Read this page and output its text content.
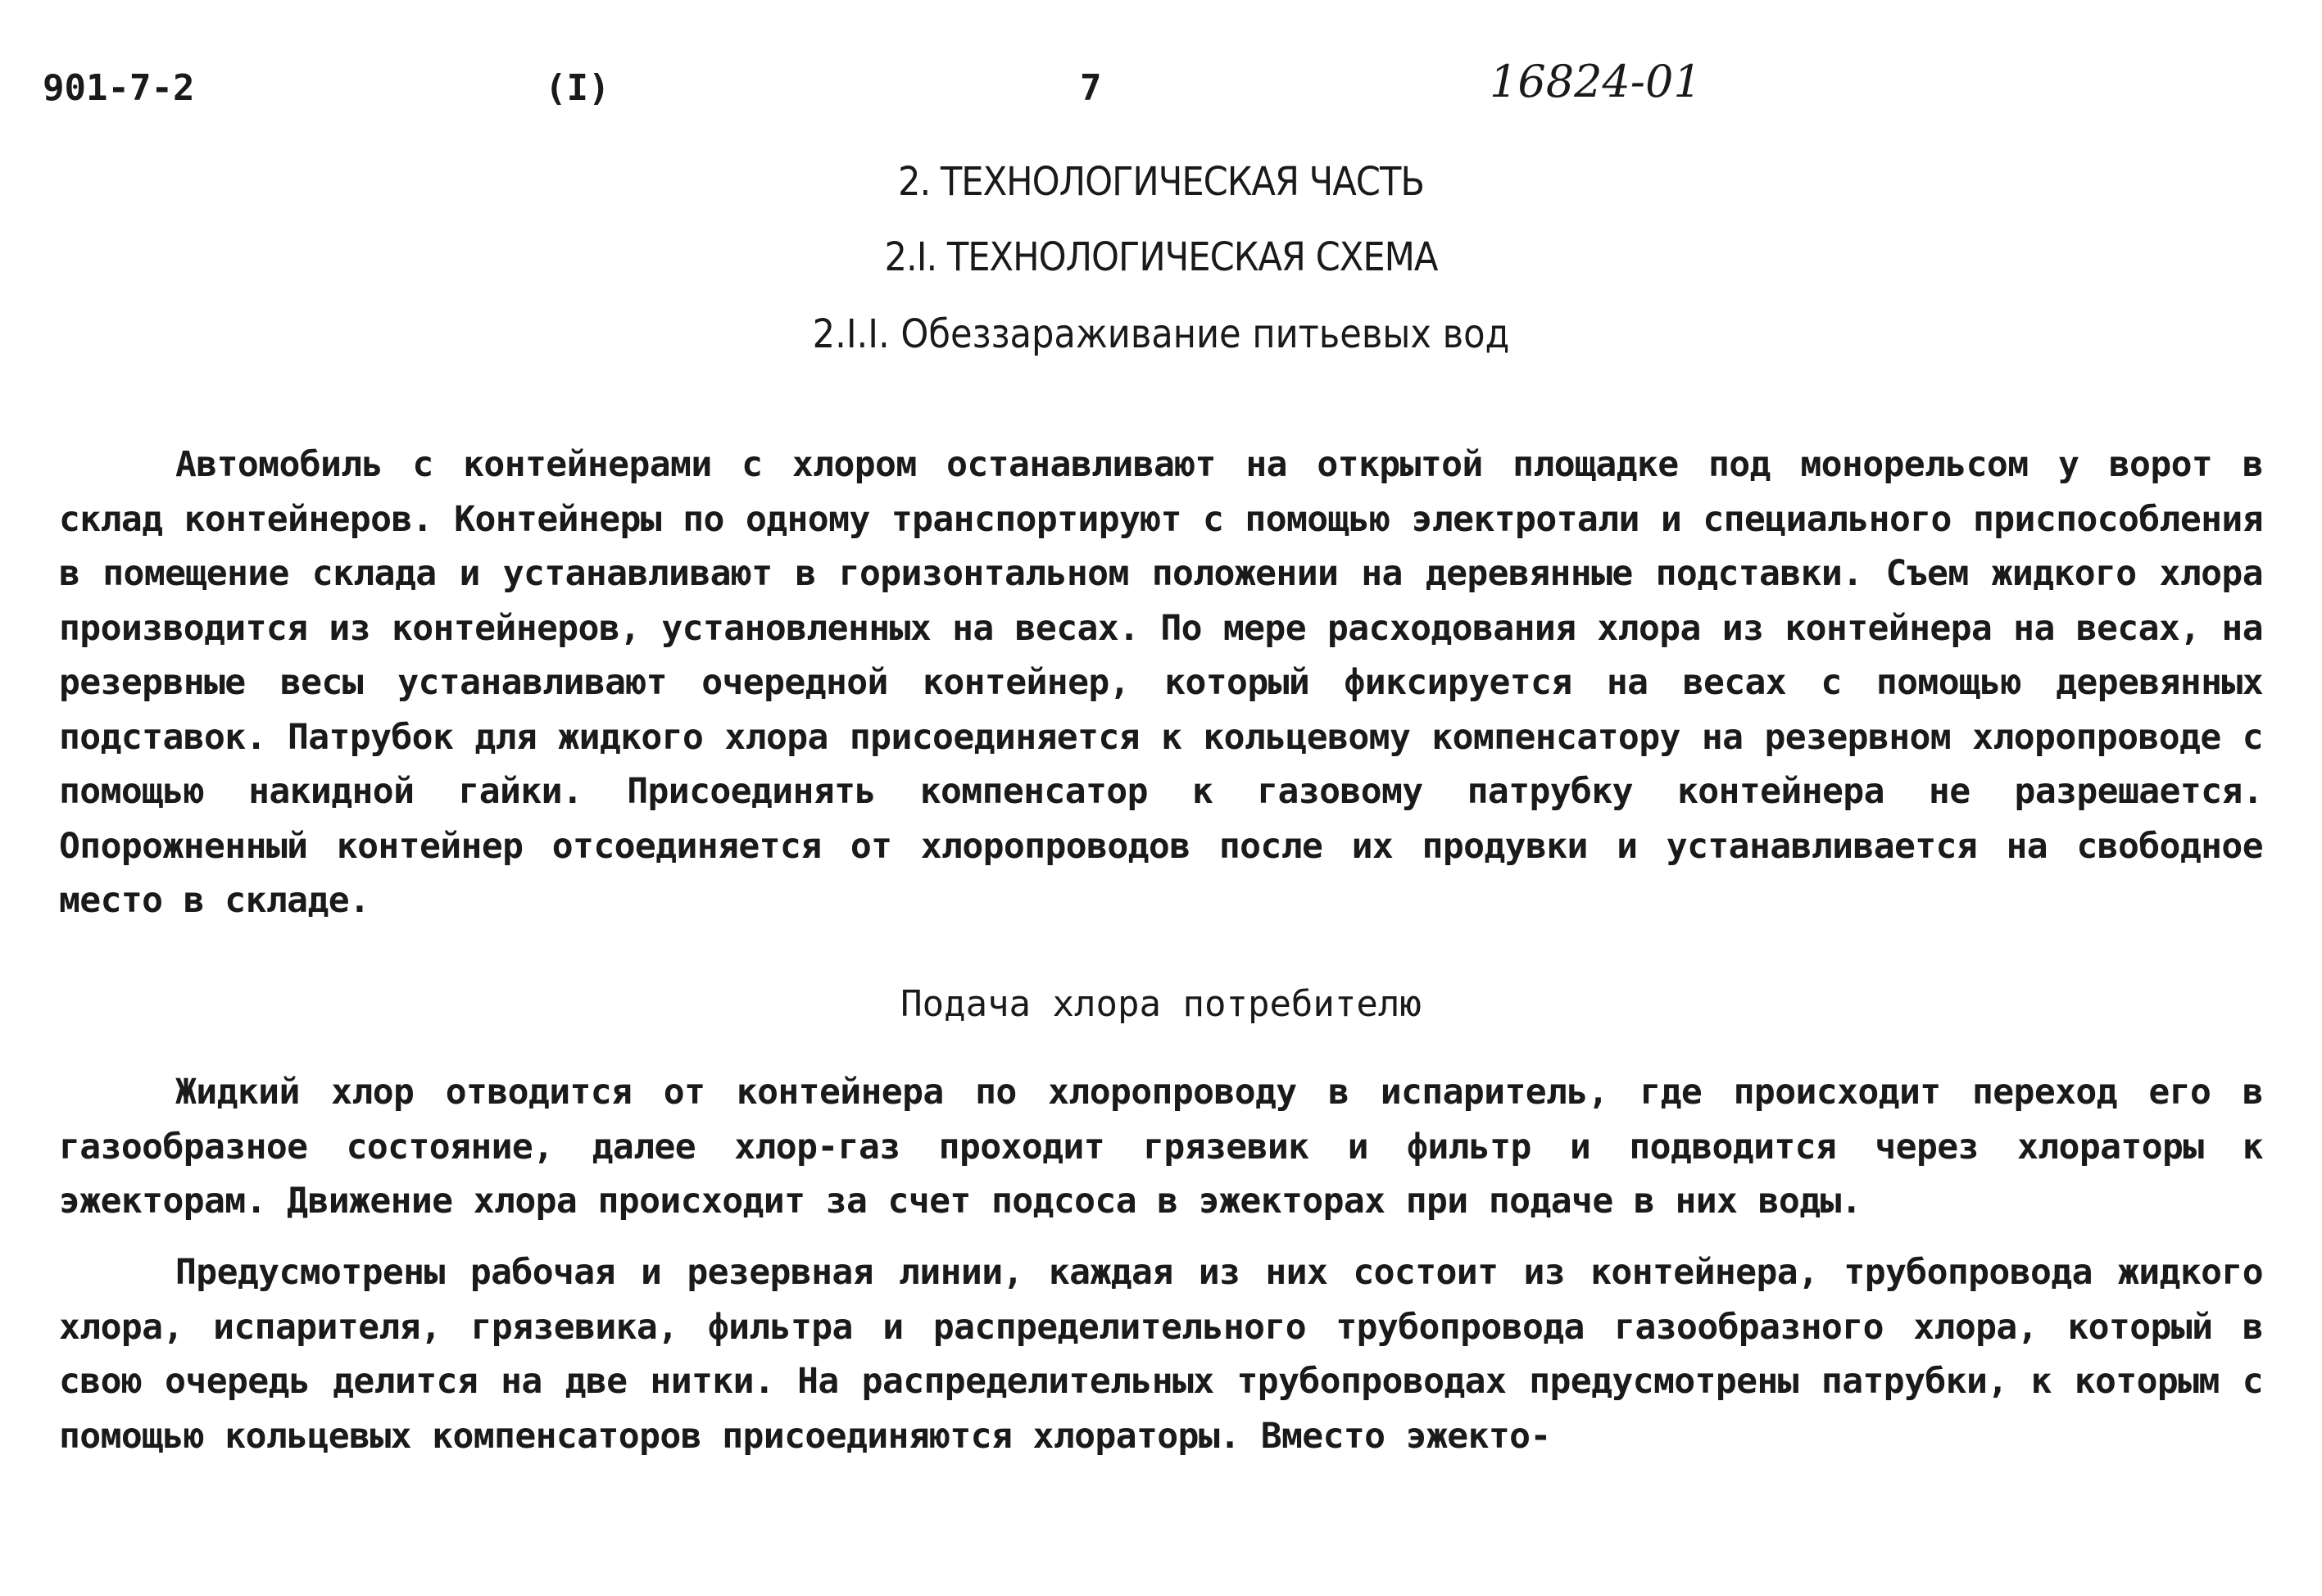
901-7-2	(I)	7	16824-01
2. ТЕХНОЛОГИЧЕСКАЯ ЧАСТЬ
2.I. ТЕХНОЛОГИЧЕСКАЯ СХЕМА
2.I.I. Обеззараживание питьевых вод
Автомобиль с контейнерами с хлором останавливают на открытой площадке под монорельсом у ворот в склад контейнеров. Контейнеры по одному транспортируют с помощью электротали и специального приспособления в помещение склада и устанавливают в горизонтальном положении на деревянные подставки. Съем жидкого хлора производится из контейнеров, установленных на весах. По мере расходования хлора из контейнера на весах, на резервные весы устанавливают очередной контейнер, который фиксируется на весах с помощью деревянных подставок. Патрубок для жидкого хлора присоединяется к кольцевому компенсатору на резервном хлоропроводе с помощью накидной гайки. Присоединять компенсатор к газовому патрубку контейнера не разрешается. Опорожненный контейнер отсоединяется от хлоропроводов после их продувки и устанавливается на свободное место в складе.
Подача хлора потребителю
Жидкий хлор отводится от контейнера по хлоропроводу в испаритель, где происходит переход его в газообразное состояние, далее хлор-газ проходит грязевик и фильтр и подводится через хлораторы к эжекторам. Движение хлора происходит за счет подсоса в эжекторах при подаче в них воды.
Предусмотрены рабочая и резервная линии, каждая из них состоит из контейнера, трубопровода жидкого хлора, испарителя, грязевика, фильтра и распределительного трубопровода газообразного хлора, который в свою очередь делится на две нитки. На распределительных трубопроводах предусмотрены патрубки, к которым с помощью кольцевых компенсаторов присоединяются хлораторы. Вместо эжекто-
